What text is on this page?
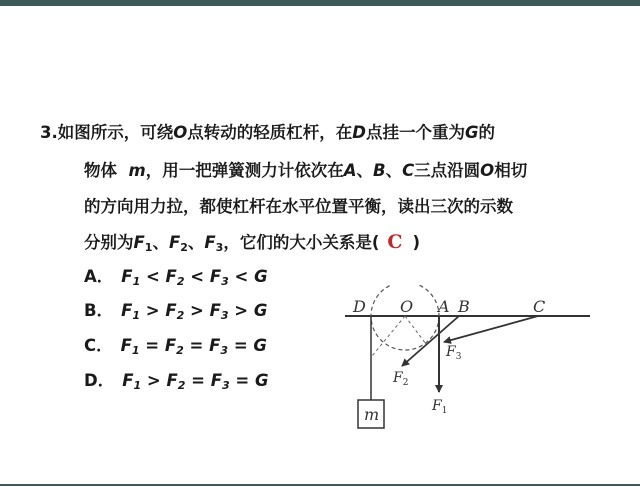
3.如图所示，可绕O点转动的轻质杠杆，在D点挂一个重为G的
物体 m，用一把弹簧测力计依次在A、B、C三点沿圆O相切
的方向用力拉，都使杠杆在水平位置平衡，读出三次的示数
分别为$F_1$、$F_2$、$F_3$，它们的大小关系是( C )
A． $F_1 < F_2 < F_3 < G$
B． $F_1 > F_2 > F_3 > G$
C． $F_1 = F_2 = F_3 = G$
D． $F_1 > F_2 = F_3 = G$
D O A B	C
m	$F_1$
$F_2$
$F_3$
